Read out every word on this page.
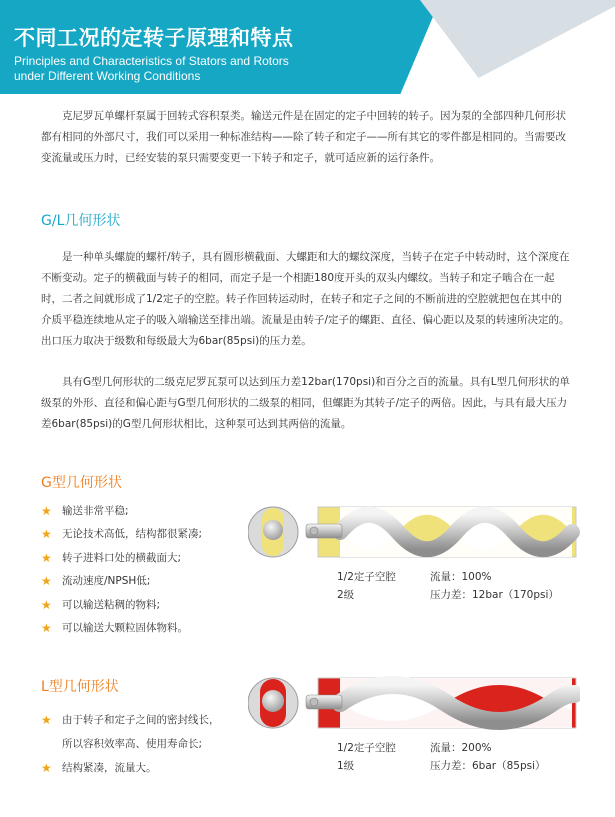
不同工况的定转子原理和特点
Principles and Characteristics of Stators and Rotors
under Different Working Conditions

克尼罗瓦单螺杆泵属于回转式容积泵类。输送元件是在固定的定子中回转的转子。因为泵的全部四种几何形状都有相同的外部尺寸，我们可以采用一种标准结构——除了转子和定子——所有其它的零件都是相同的。当需要改变流量或压力时，已经安装的泵只需要变更一下转子和定子，就可适应新的运行条件。

G/L几何形状

是一种单头螺旋的螺杆/转子，具有圆形横截面、大螺距和大的螺纹深度，当转子在定子中转动时，这个深度在不断变动。定子的横截面与转子的相同，而定子是一个相距180度开头的双头内螺纹。当转子和定子啮合在一起时，二者之间就形成了1/2定子的空腔。转子作回转运动时，在转子和定子之间的不断前进的空腔就把包在其中的介质平稳连续地从定子的吸入端输送至排出端。流量是由转子/定子的螺距、直径、偏心距以及泵的转速所决定的。出口压力取决于级数和每级最大为6bar(85psi)的压力差。

具有G型几何形状的二级克尼罗瓦泵可以达到压力差12bar(170psi)和百分之百的流量。具有L型几何形状的单级泵的外形、直径和偏心距与G型几何形状的二级泵的相同，但螺距为其转子/定子的两倍。因此，与具有最大压力差6bar(85psi)的G型几何形状相比，这种泵可达到其两倍的流量。

G型几何形状
★ 输送非常平稳;
★ 无论技术高低，结构都很紧凑;
★ 转子进料口处的横截面大;
★ 流动速度/NPSH低;
★ 可以输送粘稠的物料;
★ 可以输送大颗粒固体物料。
1/2定子空腔
2级
流量：100%
压力差：12bar（170psi）
L型几何形状
★ 由于转子和定子之间的密封线长，
所以容积效率高、使用寿命长;
★ 结构紧凑，流量大。
1/2定子空腔
1级
流量：200%
压力差：6bar（85psi）
